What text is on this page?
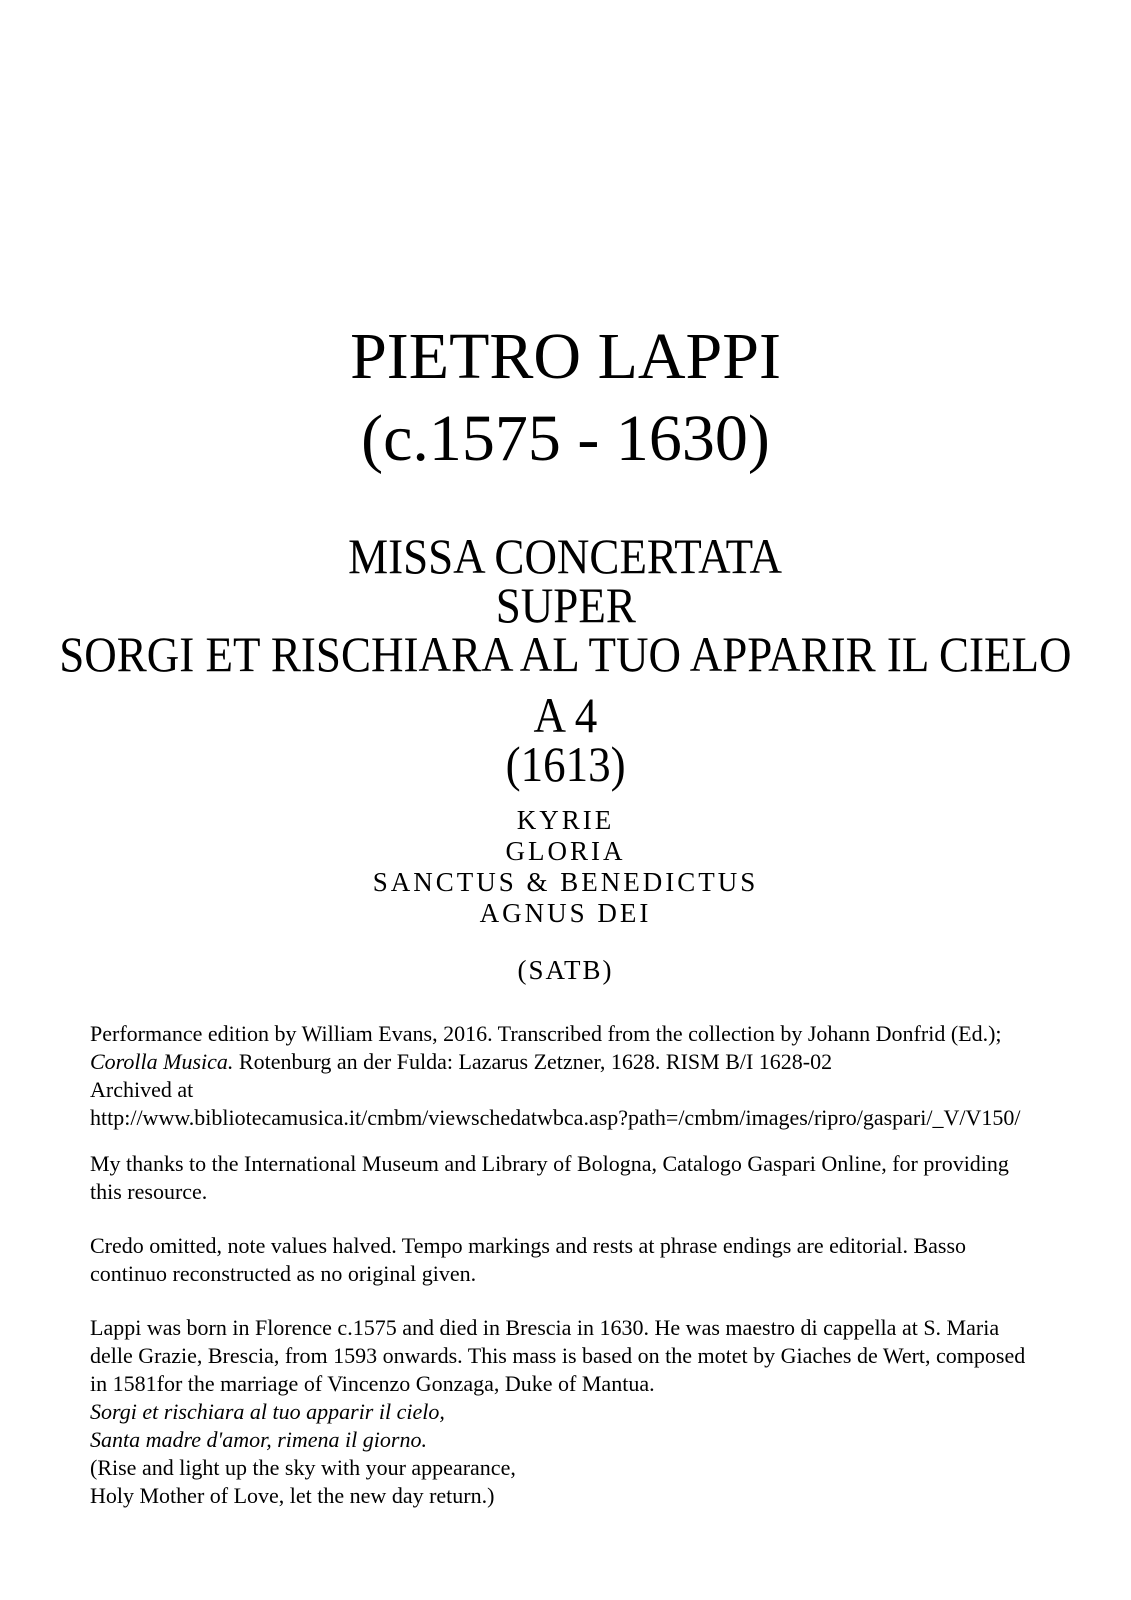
PIETRO LAPPI
(c.1575 - 1630)
MISSA CONCERTATA
SUPER
SORGI ET RISCHIARA AL TUO APPARIR IL CIELO
A 4
(1613)
KYRIE
GLORIA
SANCTUS & BENEDICTUS
AGNUS DEI
(SATB)
Performance edition by William Evans, 2016. Transcribed from the collection by Johann Donfrid (Ed.);
Corolla Musica. Rotenburg an der Fulda: Lazarus Zetzner, 1628. RISM B/I 1628-02
Archived at
http://www.bibliotecamusica.it/cmbm/viewschedatwbca.asp?path=/cmbm/images/ripro/gaspari/_V/V150/
My thanks to the International Museum and Library of Bologna, Catalogo Gaspari Online, for providing
this resource.
Credo omitted, note values halved. Tempo markings and rests at phrase endings are editorial. Basso
continuo reconstructed as no original given.
Lappi was born in Florence c.1575 and died in Brescia in 1630. He was maestro di cappella at S. Maria
delle Grazie, Brescia, from 1593 onwards. This mass is based on the motet by Giaches de Wert, composed
in 1581for the marriage of Vincenzo Gonzaga, Duke of Mantua.
Sorgi et rischiara al tuo apparir il cielo,
Santa madre d'amor, rimena il giorno.
(Rise and light up the sky with your appearance,
Holy Mother of Love, let the new day return.)
